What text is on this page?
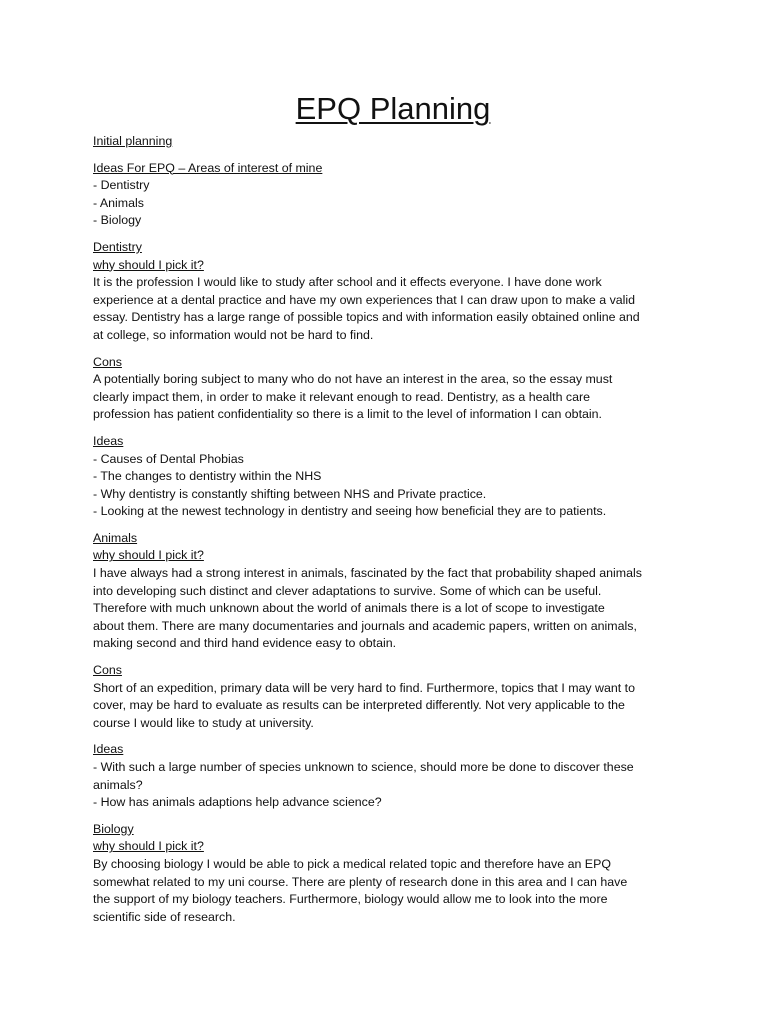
EPQ Planning
Initial planning
Ideas For EPQ – Areas of interest of mine
- Dentistry
- Animals
- Biology
Dentistry
why should I pick it?
It is the profession I would like to study after school and it effects everyone. I have done work
experience at a dental practice and have my own experiences that I can draw upon to make a valid
essay. Dentistry has a large range of possible topics and with information easily obtained online and
at college, so information would not be hard to find.
Cons
A potentially boring subject to many who do not have an interest in the area, so the essay must
clearly impact them, in order to make it relevant enough to read. Dentistry, as a health care
profession has patient confidentiality so there is a limit to the level of information I can obtain.
Ideas
- Causes of Dental Phobias
- The changes to dentistry within the NHS
- Why dentistry is constantly shifting between NHS and Private practice.
- Looking at the newest technology in dentistry and seeing how beneficial they are to patients.
Animals
why should I pick it?
I have always had a strong interest in animals, fascinated by the fact that probability shaped animals
into developing such distinct and clever adaptations to survive. Some of which can be useful.
Therefore with much unknown about the world of animals there is a lot of scope to investigate
about them. There are many documentaries and journals and academic papers, written on animals,
making second and third hand evidence easy to obtain.
Cons
Short of an expedition, primary data will be very hard to find. Furthermore, topics that I may want to
cover, may be hard to evaluate as results can be interpreted differently. Not very applicable to the
course I would like to study at university.
Ideas
- With such a large number of species unknown to science, should more be done to discover these animals?
- How has animals adaptions help advance science?
Biology
why should I pick it?
By choosing biology I would be able to pick a medical related topic and therefore have an EPQ
somewhat related to my uni course. There are plenty of research done in this area and I can have
the support of my biology teachers. Furthermore, biology would allow me to look into the more
scientific side of research.
